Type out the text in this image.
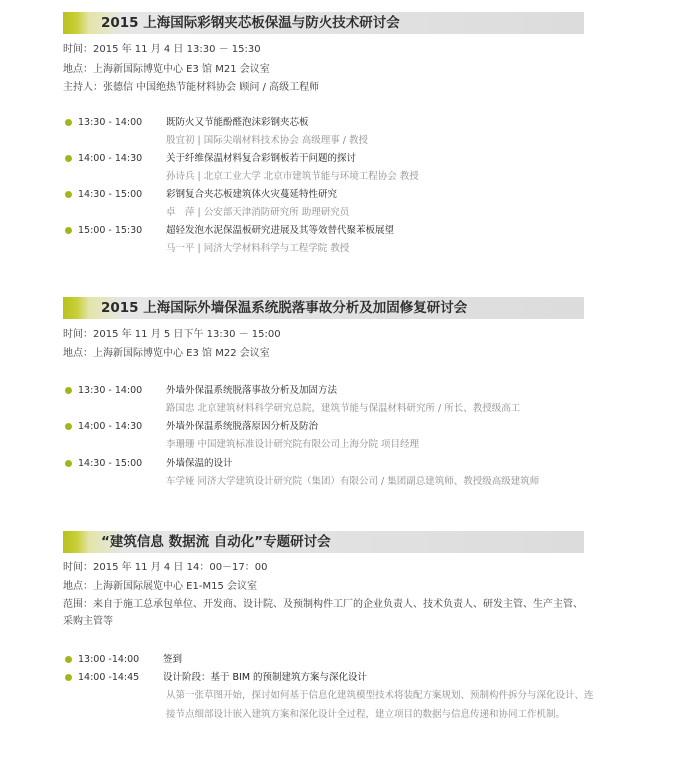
2015 上海国际彩钢夹芯板保温与防火技术研讨会
时间：2015 年 11 月 4 日 13:30 － 15:30
地点：上海新国际博览中心 E3 馆 M21 会议室
主持人：张德信 中国绝热节能材料协会 顾问 / 高级工程师
13:30 - 14:00	既防火又节能酚醛泡沫彩钢夹芯板
殷宜初 | 国际尖端材料技术协会 高级理事 / 教授
14:00 - 14:30	关于纤维保温材料复合彩钢板若干问题的探讨
孙诗兵 | 北京工业大学 北京市建筑节能与环境工程协会 教授
14:30 - 15:00	彩钢复合夹芯板建筑体火灾蔓延特性研究
卓　萍 | 公安部天津消防研究所 助理研究员
15:00 - 15:30	超轻发泡水泥保温板研究进展及其等效替代聚苯板展望
马一平 | 同济大学材料科学与工程学院 教授
2015 上海国际外墙保温系统脱落事故分析及加固修复研讨会
时间：2015 年 11 月 5 日下午 13:30 － 15:00
地点：上海新国际博览中心 E3 馆 M22 会议室
13:30 - 14:00	外墙外保温系统脱落事故分析及加固方法
路国忠 北京建筑材料科学研究总院，建筑节能与保温材料研究所 / 所长、教授级高工
14:00 - 14:30	外墙外保温系统脱落原因分析及防治
李珊珊 中国建筑标准设计研究院有限公司上海分院 项目经理
14:30 - 15:00	外墙保温的设计
车学娅 同济大学建筑设计研究院（集团）有限公司 / 集团副总建筑师、教授级高级建筑师
“建筑信息 数据流 自动化”专题研讨会
时间：2015 年 11 月 4 日 14：00－17：00
地点：上海新国际展览中心 E1-M15 会议室
范围：来自于施工总承包单位、开发商、设计院、及预制构件工厂的企业负责人、技术负责人、研发主管、生产主管、
采购主管等
13:00 -14:00	签到
14:00 -14:45	设计阶段：基于 BIM 的预制建筑方案与深化设计
从第一张草图开始，探讨如何基于信息化建筑模型技术将装配方案规划、预制构件拆分与深化设计、连接节点细部设计嵌入建筑方案和深化设计全过程，建立项目的数据与信息传递和协同工作机制。
